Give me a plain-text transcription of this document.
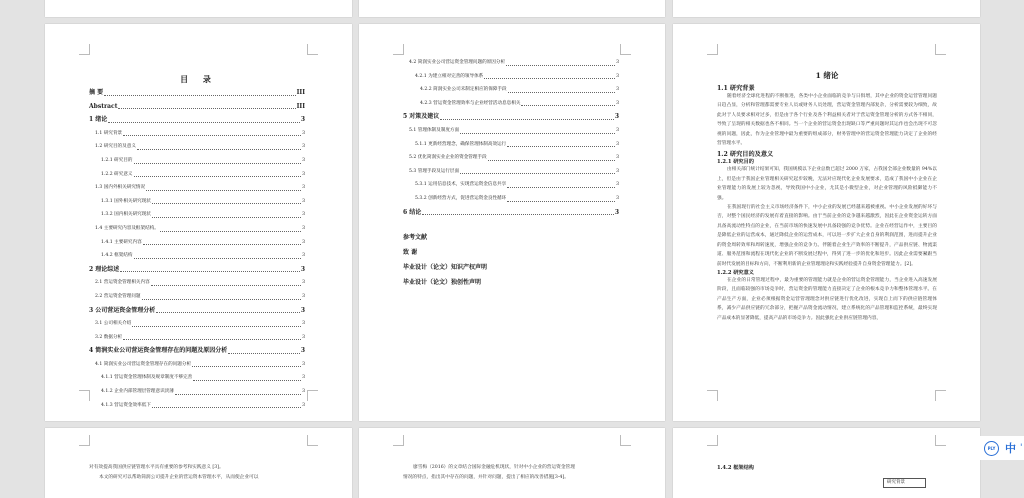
目 录
摘 要	III
Abstract	III
1 绪论	3
1.1 研究背景	3
1.2 研究目的及意义	3
1.2.1 研究目的	3
1.2.2 研究意义	3
1.3 国内外相关研究情况	3
1.3.1 国外相关研究现状	3
1.3.2 国内相关研究现状	3
1.4 主要研究内容及框架结构。	3
1.4.1 主要研究内容	3
1.4.2 框架结构	3
2 理论综述	3
2.1 营运资金管理相关内容	3
2.2 营运资金管理问题	3
3 公司营运资金管理分析	3
3.1 公司相关介绍	3
3.2 数据分析	3
4 简润实业公司营运资金管理存在的问题及原因分析	3
4.1 简润实业公司营运资金管理存在的问题分析	3
4.1.1 营运资金管理体制及规章制度不够完善	3
4.1.2 企业内部管理层管理意识淡薄	3
4.1.3 营运资金效率低下	3
4.2 简润实业公司营运资金管理问题的原因分析	3
4.2.1 为建立相对完善的领导体系	3
4.2.2 简润实业公司未制定相应的保障手段	3
4.2.3 营运资金管理效率与企业经营活动息息相关	3
5 对策及建议	3
5.1 管理体制及制度方面	3
5.1.1 更新经营理念，确保管理体制高效运行	3
5.2 优化简润实业企业的资金管理手段	3
5.3 管理手段及运行层面	3
5.3.1 运用信息技术，实现营运资金信息共享	3
5.3.2 创新经营方式，促进营运资金良性循环	3
6 结论	3
参考文献
致 谢
毕业设计（论文）知识产权声明
毕业设计（论文）独创性声明
1 绪论
1.1 研究背景
随着经济全球化进程的不断推进，各类中小企业面临的竞争与日俱增，其中企业的资金运营管理问题日趋凸显，分析和管理都需要专业人员或财务人员处理，营运资金管理内部复杂，分析需要较为细致，故此对于人员要求相对过多，但是由于各个行业及各个利益相关者对于营运资金管理分析的方式各不相同，导致了呈现的相关数据也各不相同。当一个企业的营运资金出现缺口等严重问题时其运作也会出现不可忽视的问题，因此，作为企业管理中最为重要的组成部分，财务管理中的营运资金管理能力决定了企业的经营管理水平。
1.2 研究目的及意义
1.2.1 研究目的
由相关部门统计结果可知，我国规模以下企业总数已超过 2000 万家，占我国全部企业数量的 94%以上，但是由于我国企业管理相关研究起步较晚，无法对应现代化企业发展要求，造成了我国中小企业在企业管理能力的发展上较为忽视，导致我国中小企业，尤其是小微型企业，对企业管理的风险抵御能力不强。
在我国现行的社会主义市场经济条件下，中小企业的发展已经越来越被重视。中小企业发展的好坏与否，对整个国民经济的发展有着直接的影响。由于当前企业的竞争越来越激烈，因此在企业资金运转方面具备高流动性特点的企业，在当前市场的快速发展中具备较强的竞争优势。企业在经营运作中，主要目的是降低企业的运营成本，通过降低企业的运营成本，可以进一步扩大企业自身的利润范围，进而提升企业的资金周转效率和周转速度，增强企业的竞争力。伴随着企业生产效率的不断提升，产品供应链、物流渠道、服务范围和流程在现代化企业的不断发展过程中，得到了进一步的优化和进步。因此企业需要紧跟当前时代发展的目标和方向，不断利用新的企业管理理论和实践经验提升自身资金管理能力。[2]。
1.2.2 研究意义
在企业的日常管理过程中，最为重要的管理能力就是企业的营运资金管理能力，当企业进入高速发展阶段，且面临较强的市场竞争时，营运资金的管理能力直接决定了企业的根本竞争力和整体管理水平。在产品生产方面，企业必须根据资金运营管理理念对供应链进行优化改进，实现自上而下的供应链管理体系，减少产品供应链的冗余部分，把握产品资金流动情况，建立系统化的产品管理和监控系统，最终实现产品成本的显著降低，提高产品的市场竞争力。因此强化企业供应链管理内容，
对有效提高我国供应链管理水平具有重要的参考和实践意义 [3]。
本文的研究可以帮助简润公司提升企业的营运资本管理水平，从而使企业可以
廖雪梅（2016）的文章结合国际金融危机现状，针对中小企业的营运资金管理
情况的特点，指出其中存在的问题，并针对问题，提出了相应的改善措施[3-4]。
1.4.2 框架结构
研究背景
PLY 中 '
